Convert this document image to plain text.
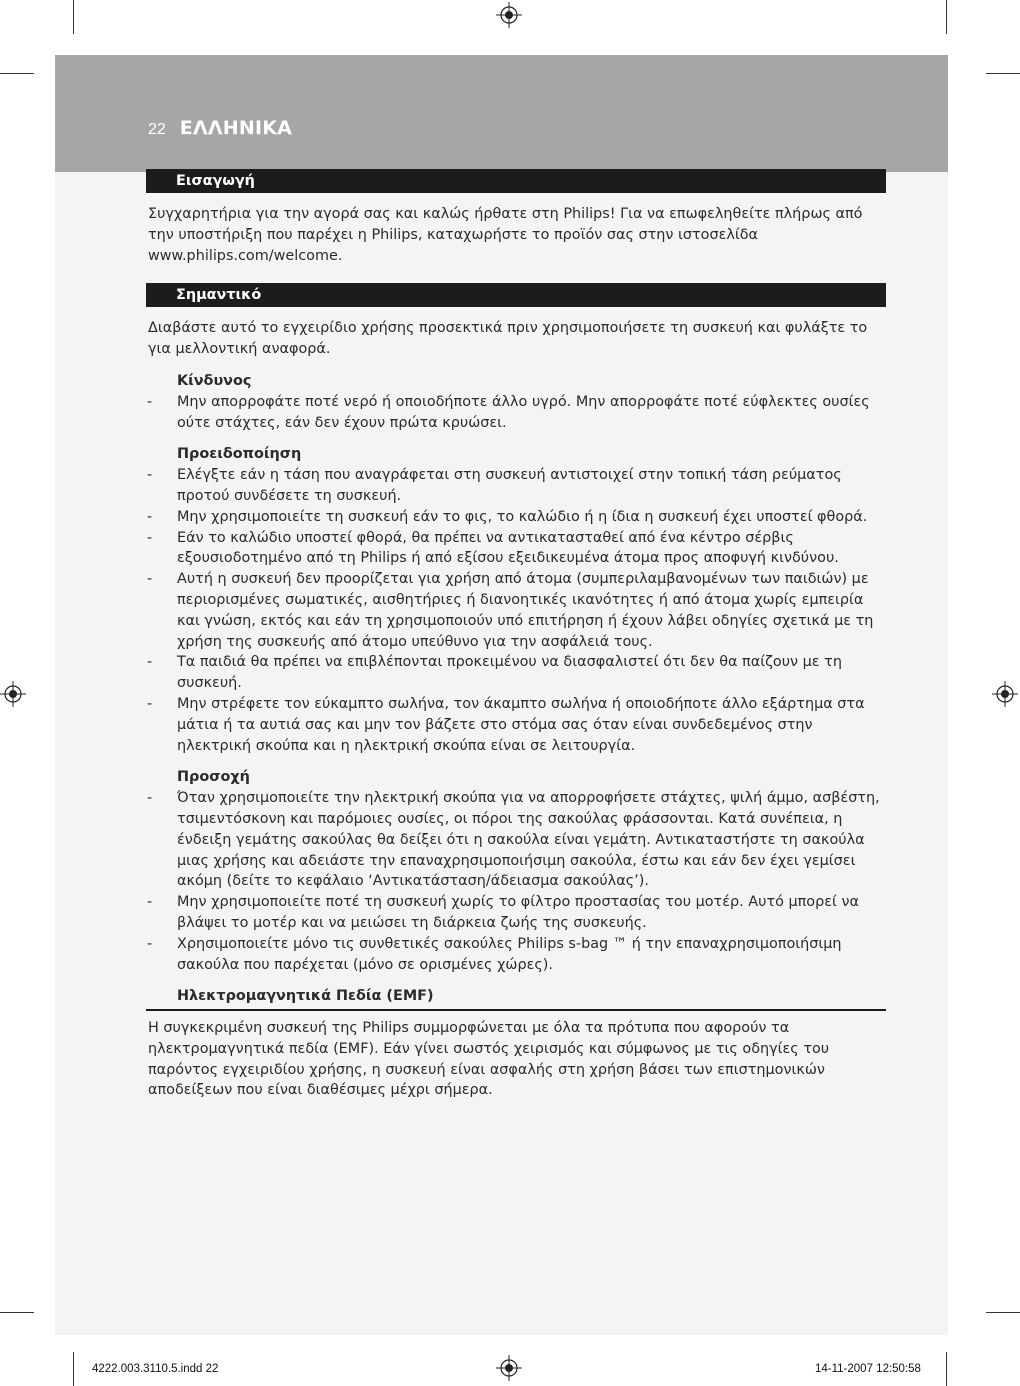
22 ΕΛΛΗΝΙΚΑ
Εισαγωγή

Συγχαρητήρια για την αγορά σας και καλώς ήρθατε στη Philips! Για να επωφεληθείτε πλήρως από την υποστήριξη που παρέχει η Philips, καταχωρήστε το προϊόν σας στην ιστοσελίδα www.philips.com/welcome.

Σημαντικό

Διαβάστε αυτό το εγχειρίδιο χρήσης προσεκτικά πριν χρησιμοποιήσετε τη συσκευή και φυλάξτε το για μελλοντική αναφορά.

Κίνδυνος
- Μην απορροφάτε ποτέ νερό ή οποιοδήποτε άλλο υγρό. Μην απορροφάτε ποτέ εύφλεκτες ουσίες ούτε στάχτες, εάν δεν έχουν πρώτα κρυώσει.
Προειδοποίηση
- Ελέγξτε εάν η τάση που αναγράφεται στη συσκευή αντιστοιχεί στην τοπική τάση ρεύματος προτού συνδέσετε τη συσκευή.
- Μην χρησιμοποιείτε τη συσκευή εάν το φις, το καλώδιο ή η ίδια η συσκευή έχει υποστεί φθορά.
- Εάν το καλώδιο υποστεί φθορά, θα πρέπει να αντικατασταθεί από ένα κέντρο σέρβις εξουσιοδοτημένο από τη Philips ή από εξίσου εξειδικευμένα άτομα προς αποφυγή κινδύνου.
- Αυτή η συσκευή δεν προορίζεται για χρήση από άτομα (συμπεριλαμβανομένων των παιδιών) με περιορισμένες σωματικές, αισθητήριες ή διανοητικές ικανότητες ή από άτομα χωρίς εμπειρία και γνώση, εκτός και εάν τη χρησιμοποιούν υπό επιτήρηση ή έχουν λάβει οδηγίες σχετικά με τη χρήση της συσκευής από άτομο υπεύθυνο για την ασφάλειά τους.
- Τα παιδιά θα πρέπει να επιβλέπονται προκειμένου να διασφαλιστεί ότι δεν θα παίζουν με τη συσκευή.
- Μην στρέφετε τον εύκαμπτο σωλήνα, τον άκαμπτο σωλήνα ή οποιοδήποτε άλλο εξάρτημα στα μάτια ή τα αυτιά σας και μην τον βάζετε στο στόμα σας όταν είναι συνδεδεμένος στην ηλεκτρική σκούπα και η ηλεκτρική σκούπα είναι σε λειτουργία.
Προσοχή
- Όταν χρησιμοποιείτε την ηλεκτρική σκούπα για να απορροφήσετε στάχτες, ψιλή άμμο, ασβέστη, τσιμεντόσκονη και παρόμοιες ουσίες, οι πόροι της σακούλας φράσσονται. Κατά συνέπεια, η ένδειξη γεμάτης σακούλας θα δείξει ότι η σακούλα είναι γεμάτη. Αντικαταστήστε τη σακούλα μιας χρήσης και αδειάστε την επαναχρησιμοποιήσιμη σακούλα, έστω και εάν δεν έχει γεμίσει ακόμη (δείτε το κεφάλαιο ‘Αντικατάσταση/άδειασμα σακούλας’).
- Μην χρησιμοποιείτε ποτέ τη συσκευή χωρίς το φίλτρο προστασίας του μοτέρ. Αυτό μπορεί να βλάψει το μοτέρ και να μειώσει τη διάρκεια ζωής της συσκευής.
- Χρησιμοποιείτε μόνο τις συνθετικές σακούλες Philips s-bag ™ ή την επαναχρησιμοποιήσιμη σακούλα που παρέχεται (μόνο σε ορισμένες χώρες).
Ηλεκτρομαγνητικά Πεδία (EMF)

Η συγκεκριμένη συσκευή της Philips συμμορφώνεται με όλα τα πρότυπα που αφορούν τα ηλεκτρομαγνητικά πεδία (EMF). Εάν γίνει σωστός χειρισμός και σύμφωνος με τις οδηγίες του παρόντος εγχειριδίου χρήσης, η συσκευή είναι ασφαλής στη χρήση βάσει των επιστημονικών αποδείξεων που είναι διαθέσιμες μέχρι σήμερα.

4222.003.3110.5.indd 22	14-11-2007 12:50:58
